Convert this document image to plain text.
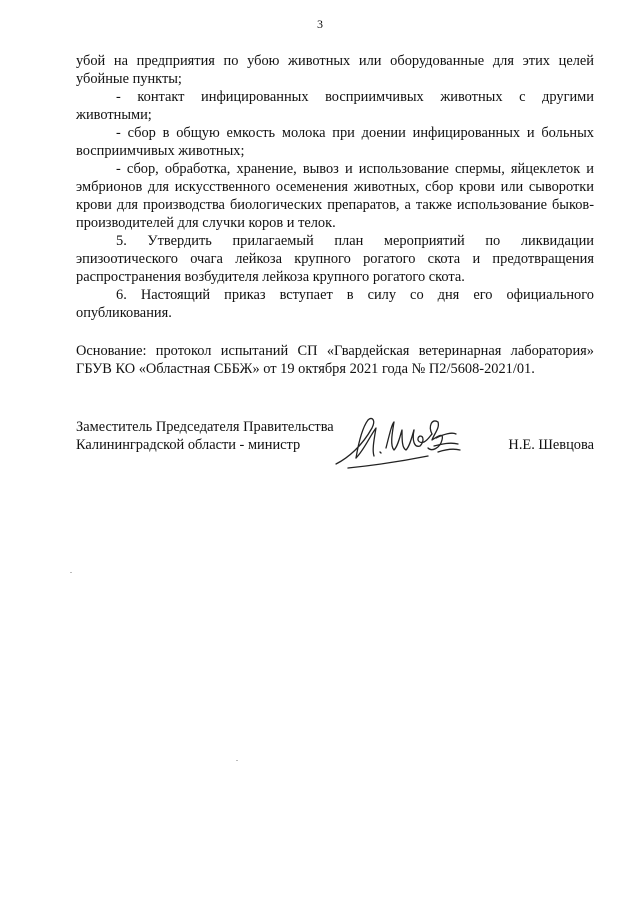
3

убой на предприятия по убою животных или оборудованные для этих целей убойные пункты;

- контакт инфицированных восприимчивых животных с другими животными;

- сбор в общую емкость молока при доении инфицированных и больных восприимчивых животных;

- сбор, обработка, хранение, вывоз и использование спермы, яйцеклеток и эмбрионов для искусственного осеменения животных, сбор крови или сыворотки крови для производства биологических препаратов, а также использование быков-производителей для случки коров и телок.

5. Утвердить прилагаемый план мероприятий по ликвидации эпизоотического очага лейкоза крупного рогатого скота и предотвращения распространения возбудителя лейкоза крупного рогатого скота.

6. Настоящий приказ вступает в силу со дня его официального опубликования.

Основание: протокол испытаний СП «Гвардейская ветеринарная лаборатория» ГБУВ КО «Областная СББЖ» от 19 октября 2021 года № П2/5608-2021/01.

Заместитель Председателя Правительства
Калининградской области - министр	Н.Е. Шевцова
